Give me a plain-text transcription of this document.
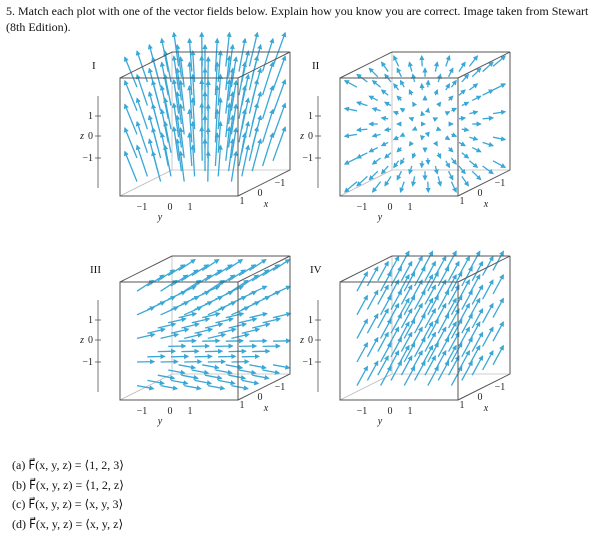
5. Match each plot with one of the vector fields below. Explain how you know you are correct. Image taken from Stewart (8th Edition).
I	II
III	IV
1
0
−1
z
−1 0 1
y
1
0
−1
x
1
0
−1
z
−1 0 1
y
1
0
−1
x
1
0
−1
z
−1 0 1
y
1
0
−1
x
1
0
−1
z
−1 0 1
y
1
0
−1
x
(a) F⃗(x, y, z) = ⟨1, 2, 3⟩
(b) F⃗(x, y, z) = ⟨1, 2, z⟩
(c) F⃗(x, y, z) = ⟨x, y, 3⟩
(d) F⃗(x, y, z) = ⟨x, y, z⟩
